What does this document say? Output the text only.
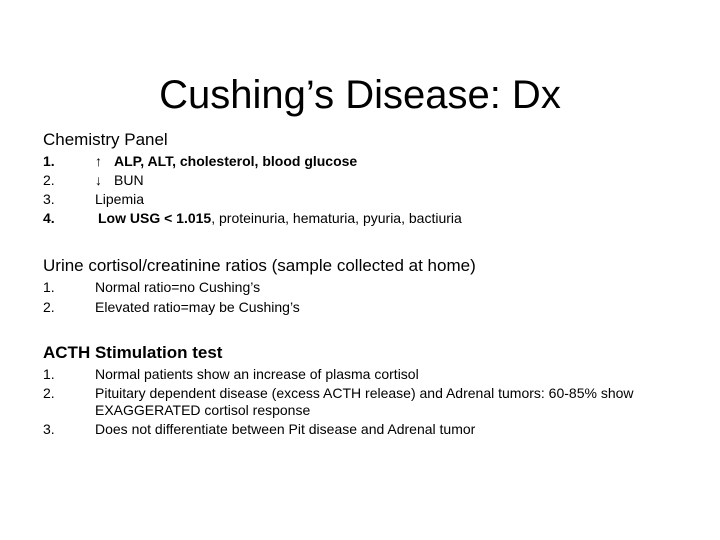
Cushing’s Disease: Dx
Chemistry Panel
1.	↑ ALP, ALT, cholesterol, blood glucose
2.	↓ BUN
3.	Lipemia
4.	Low USG < 1.015, proteinuria, hematuria, pyuria, bactiuria
Urine cortisol/creatinine ratios (sample collected at home)
1.	Normal ratio=no Cushing’s
2.	Elevated ratio=may be Cushing’s
ACTH Stimulation test
1.	Normal patients show an increase of plasma cortisol
2.	Pituitary dependent disease (excess ACTH release) and Adrenal tumors: 60-85% show EXAGGERATED cortisol response
3.	Does not differentiate between Pit disease and Adrenal tumor
